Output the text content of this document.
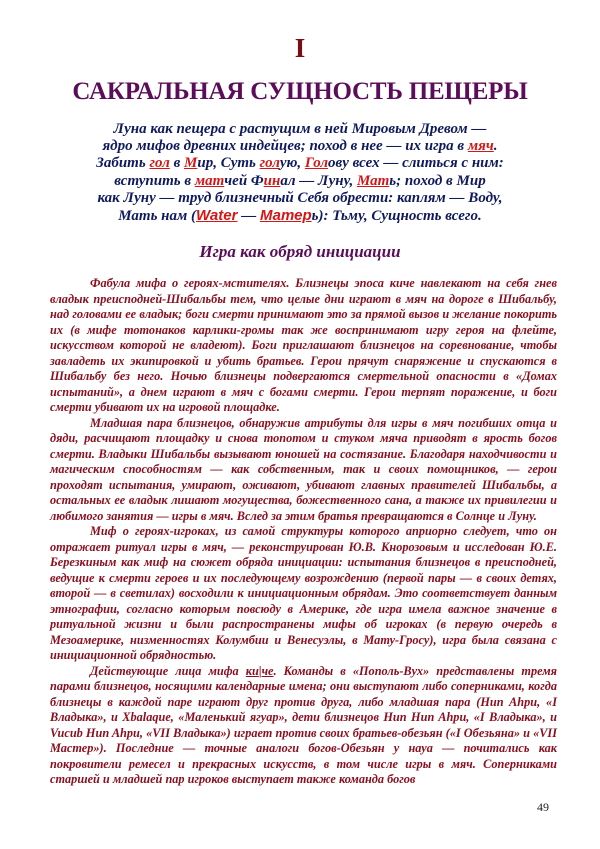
I
САКРАЛЬНАЯ СУЩНОСТЬ ПЕЩЕРЫ
Луна как пещера с растущим в ней Мировым Древом —
ядро мифов древних индейцев; поход в нее — их игра в мяч.
Забить гол в Мир, Суть голую, Голову всех — слиться с ним:
вступить в матчей Финал — Луну, Мать; поход в Мир
как Луну — труд близнечный Себя обрести: каплям — Воду,
Мать нам (Water — Матерь): Тьму, Сущность всего.
Игра как обряд инициации

Фабула мифа о героях-мстителях. Близнецы эпоса киче навлекают на себя гнев владык преисподней-Шибальбы тем, что целые дни играют в мяч на дороге в Шибальбу, над головами ее владык; боги смерти принимают это за прямой вызов и желание покорить их (в мифе тотонаков карлики-громы так же воспринимают игру героя на флейте, искусством которой не владеют). Боги приглашают близнецов на соревнование, чтобы завладеть их экипировкой и убить братьев. Герои прячут снаряжение и спускаются в Шибальбу без него. Ночью близнецы подвергаются смертельной опасности в «Домах испытаний», а днем играют в мяч с богами смерти. Герои терпят поражение, и боги смерти убивают их на игровой площадке.

Младшая пара близнецов, обнаружив атрибуты для игры в мяч погибших отца и дяди, расчищают площадку и снова топотом и стуком мяча приводят в ярость богов смерти. Владыки Шибальбы вызывают юношей на состязание. Благодаря находчивости и магическим способностям — как собственным, так и своих помощников, — герои проходят испытания, умирают, оживают, убивают главных правителей Шибальбы, а остальных ее владык лишают могущества, божественного сана, а также их привилегии и любимого занятия — игры в мяч. Вслед за этим братья превращаются в Солнце и Луну.

Миф о героях-игроках, из самой структуры которого априорно следует, что он отражает ритуал игры в мяч, — реконструирован Ю.В. Кнорозовым и исследован Ю.Е. Березкиным как миф на сюжет обряда инициации: испытания близнецов в преисподней, ведущие к смерти героев и их последующему возрождению (первой пары — в своих детях, второй — в светилах) восходили к инициационным обрядам. Это соответствует данным этнографии, согласно которым повсюду в Америке, где игра имела важное значение в ритуальной жизни и были распространены мифы об игроках (в первую очередь в Мезоамерике, низменностях Колумбии и Венесуэлы, в Мату-Гросу), игра была связана с инициационной обрядностью.

Действующие лица мифа ки|че. Команды в «Пополь-Вух» представлены тремя парами близнецов, носящими календарные имена; они выступают либо соперниками, когда близнецы в каждой паре играют друг против друга, либо младшая пара (Hun Ahpu, «I Владыка», и Xbalaque, «Маленький ягуар», дети близнецов Hun Hun Ahpu, «I Владыка», и Vucub Hun Ahpu, «VII Владыка») играет против своих братьев-обезьян («I Обезьяна» и «VII Мастер»). Последние — точные аналоги богов-Обезьян у науа — почитались как покровители ремесел и прекрасных искусств, в том числе игры в мяч. Соперниками старшей и младшей пар игроков выступает также команда богов

49
